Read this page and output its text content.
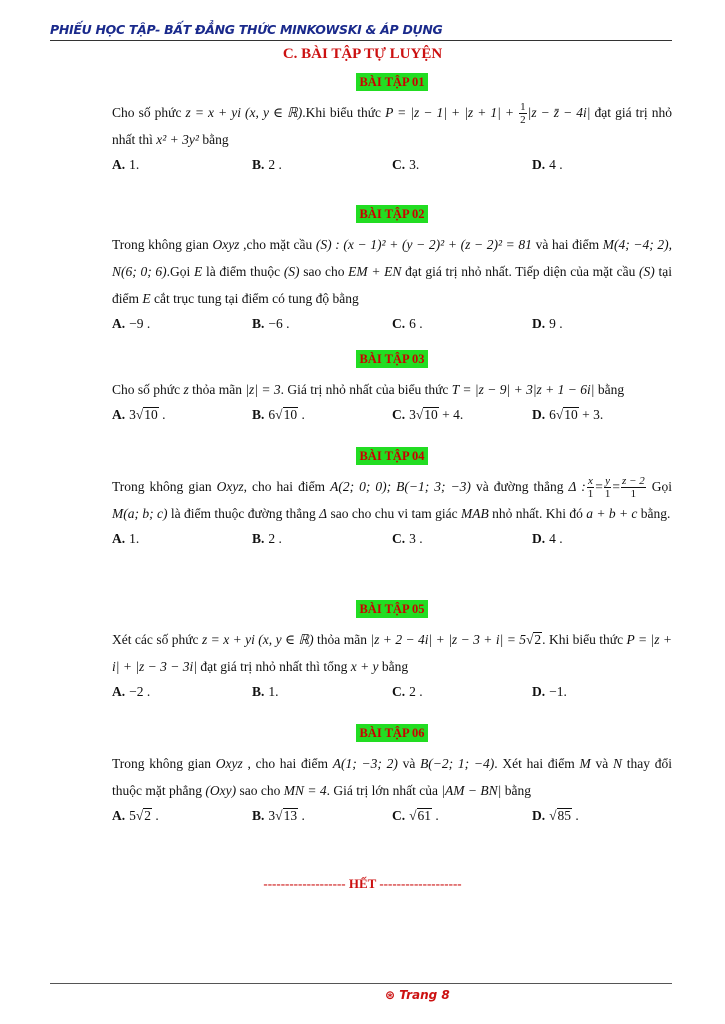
PHIẾU HỌC TẬP- BẤT ĐẲNG THỨC MINKOWSKI & ÁP DỤNG
C. BÀI TẬP TỰ LUYỆN
BÀI TẬP 01
Cho số phức z = x + yi (x, y ∈ ℝ).Khi biểu thức $P = |z - 1| + |z + 1| + \frac{1}{2} |z$ − z̄ − 4i| đạt giá trị nhỏ nhất thì x² + 3y² bằng
A. 1.	B. 2 .	C. 3.	D. 4 .
BÀI TẬP 02
Trong không gian Oxyz ,cho mặt cầu (S) : (x − 1)² + (y − 2)² + (z − 2)² = 81 và hai điểm M(4; −4; 2), N(6; 0; 6).Gọi E là điểm thuộc (S) sao cho EM + EN đạt giá trị nhỏ nhất. Tiếp diện của mặt cầu (S) tại điểm E cắt trục tung tại điểm có tung độ bằng
A. −9 .	B. −6 .	C. 6 .	D. 9 .
BÀI TẬP 03
Cho số phức z thỏa mãn |z| = 3. Giá trị nhỏ nhất của biểu thức T = |z − 9| + 3|z + 1 − 6i| bằng
A. 3√10 .	B. 6√10 .	C. 3√10 + 4.	D. 6√10 + 3.
BÀI TẬP 04
Trong không gian Oxyz, cho hai điểm A(2; 0; 0); B(−1; 3; −3) và đường thẳng Δ : $\frac{x}{1} = \frac{y}{1} = \frac{z - 2}{1}$ Gọi M(a; b; c) là điểm thuộc đường thẳng Δ sao cho chu vi tam giác MAB nhỏ nhất. Khi đó a + b + c bằng.
A. 1.	B. 2 .	C. 3 .	D. 4 .
BÀI TẬP 05
Xét các số phức z = x + yi (x, y ∈ ℝ) thỏa mãn |z + 2 − 4i| + |z − 3 + i| = 5√2. Khi biểu thức P = |z + i| + |z − 3 − 3i| đạt giá trị nhỏ nhất thì tổng x + y bằng
A. −2 .	B. 1.	C. 2 .	D. −1.
BÀI TẬP 06
Trong không gian Oxyz , cho hai điểm A(1; −3; 2) và B(−2; 1; −4). Xét hai điểm M và N thay đổi thuộc mặt phẳng (Oxy) sao cho MN = 4. Giá trị lớn nhất của |AM − BN| bằng
A. 5√2 .	B. 3√13 .	C. √61 .	D. √85 .
------------------- HẾT -------------------
⊛ Trang 8
